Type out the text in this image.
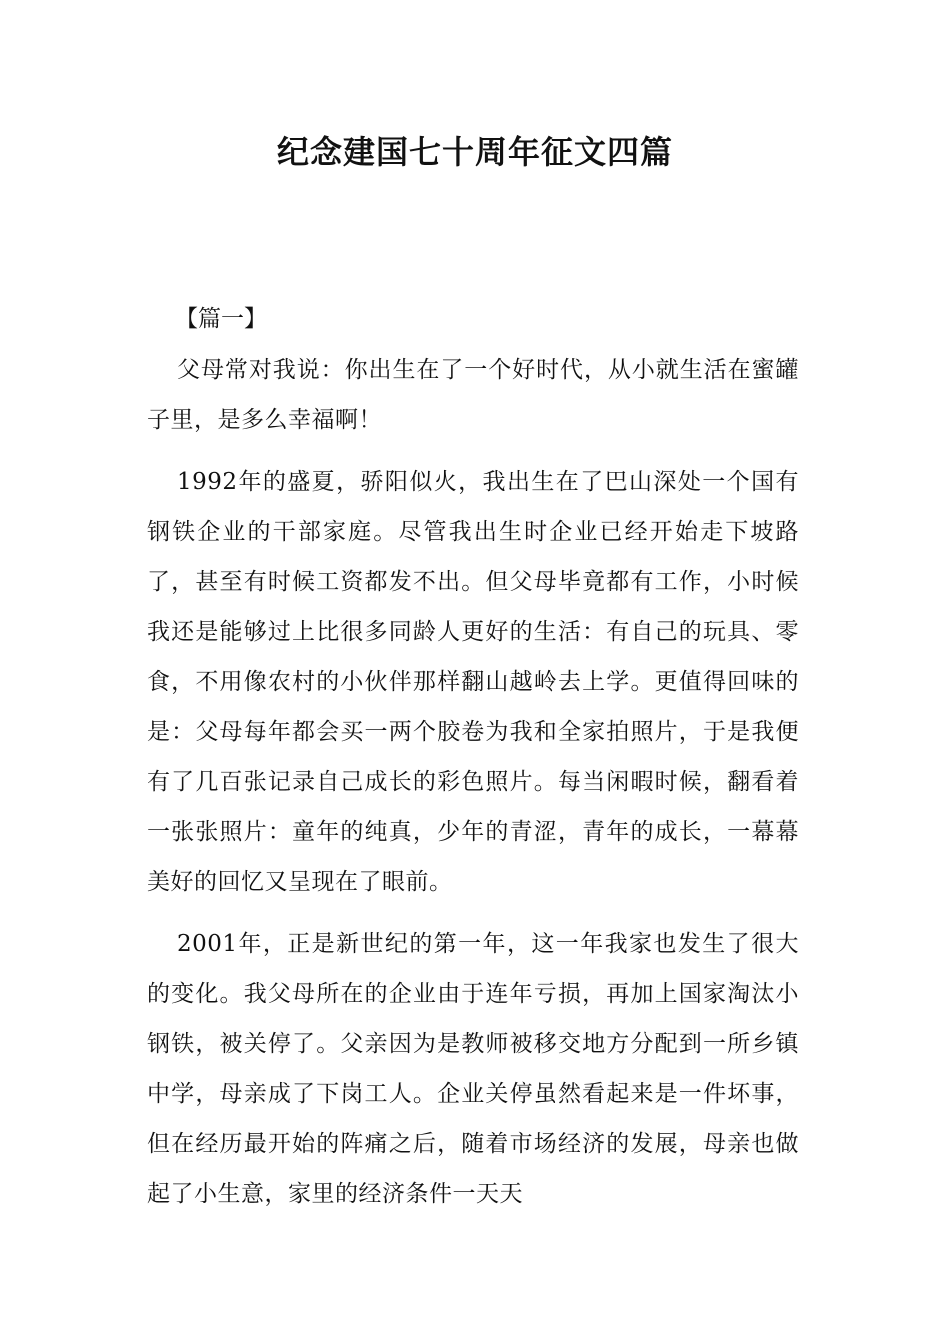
纪念建国七十周年征文四篇

【篇一】

父母常对我说：你出生在了一个好时代，从小就生活在蜜罐子里，是多么幸福啊！

1992年的盛夏，骄阳似火，我出生在了巴山深处一个国有钢铁企业的干部家庭。尽管我出生时企业已经开始走下坡路了，甚至有时候工资都发不出。但父母毕竟都有工作，小时候我还是能够过上比很多同龄人更好的生活：有自己的玩具、零食，不用像农村的小伙伴那样翻山越岭去上学。更值得回味的是：父母每年都会买一两个胶卷为我和全家拍照片，于是我便有了几百张记录自己成长的彩色照片。每当闲暇时候，翻看着一张张照片：童年的纯真，少年的青涩，青年的成长，一幕幕美好的回忆又呈现在了眼前。

2001年，正是新世纪的第一年，这一年我家也发生了很大的变化。我父母所在的企业由于连年亏损，再加上国家淘汰小钢铁，被关停了。父亲因为是教师被移交地方分配到一所乡镇中学，母亲成了下岗工人。企业关停虽然看起来是一件坏事，但在经历最开始的阵痛之后，随着市场经济的发展，母亲也做起了小生意，家里的经济条件一天天
